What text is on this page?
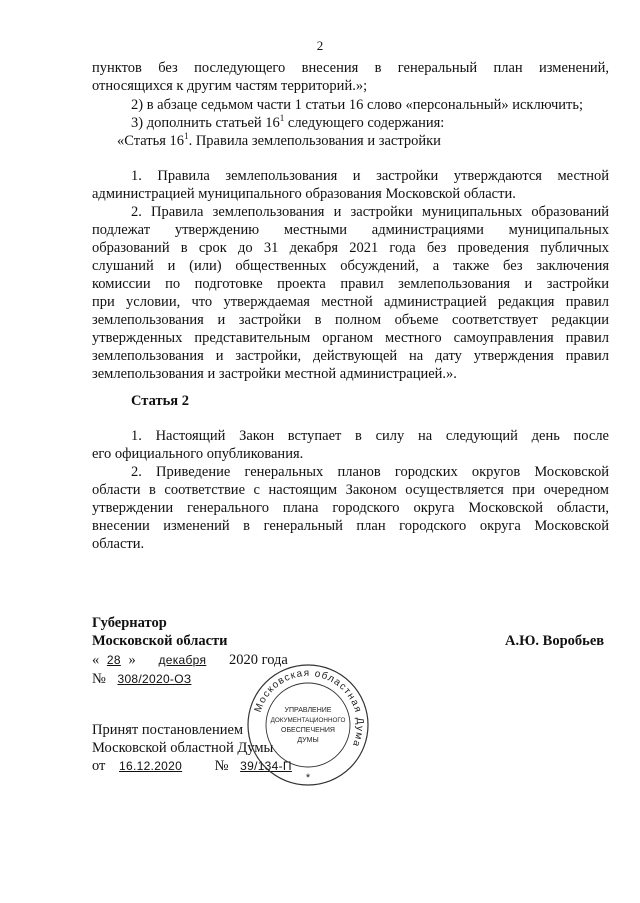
2
пунктов без последующего внесения в генеральный план изменений,
относящихся к другим частям территорий.»;
2) в абзаце седьмом части 1 статьи 16 слово «персональный» исключить;
3) дополнить статьей $16^1$ следующего содержания:
«Статья $16^1$. Правила землепользования и застройки
1. Правила землепользования и застройки утверждаются местной
администрацией муниципального образования Московской области.
2. Правила землепользования и застройки муниципальных образований
подлежат утверждению местными администрациями муниципальных
образований в срок до 31 декабря 2021 года без проведения публичных
слушаний и (или) общественных обсуждений, а также без заключения
комиссии по подготовке проекта правил землепользования и застройки
при условии, что утверждаемая местной администрацией редакция правил
землепользования и застройки в полном объеме соответствует редакции
утвержденных представительным органом местного самоуправления правил
землепользования и застройки, действующей на дату утверждения правил
землепользования и застройки местной администрацией.».
Статья 2
1. Настоящий Закон вступает в силу на следующий день после
его официального опубликования.
2. Приведение генеральных планов городских округов Московской
области в соответствие с настоящим Законом осуществляется при очередном
утверждении генерального плана городского округа Московской области,
внесении изменений в генеральный план городского округа Московской
области.
Губернатор
Московской области	А.Ю. Воробьев
« 28 » декабря 2020 года
№ 308/2020-ОЗ
Принят постановлением
Московской областной Думы
от 16.12.2020 № 39/134-П
Московская областная Дума
УПРАВЛЕНИЕ
ДОКУМЕНТАЦИОННОГО
ОБЕСПЕЧЕНИЯ
ДУМЫ
*
